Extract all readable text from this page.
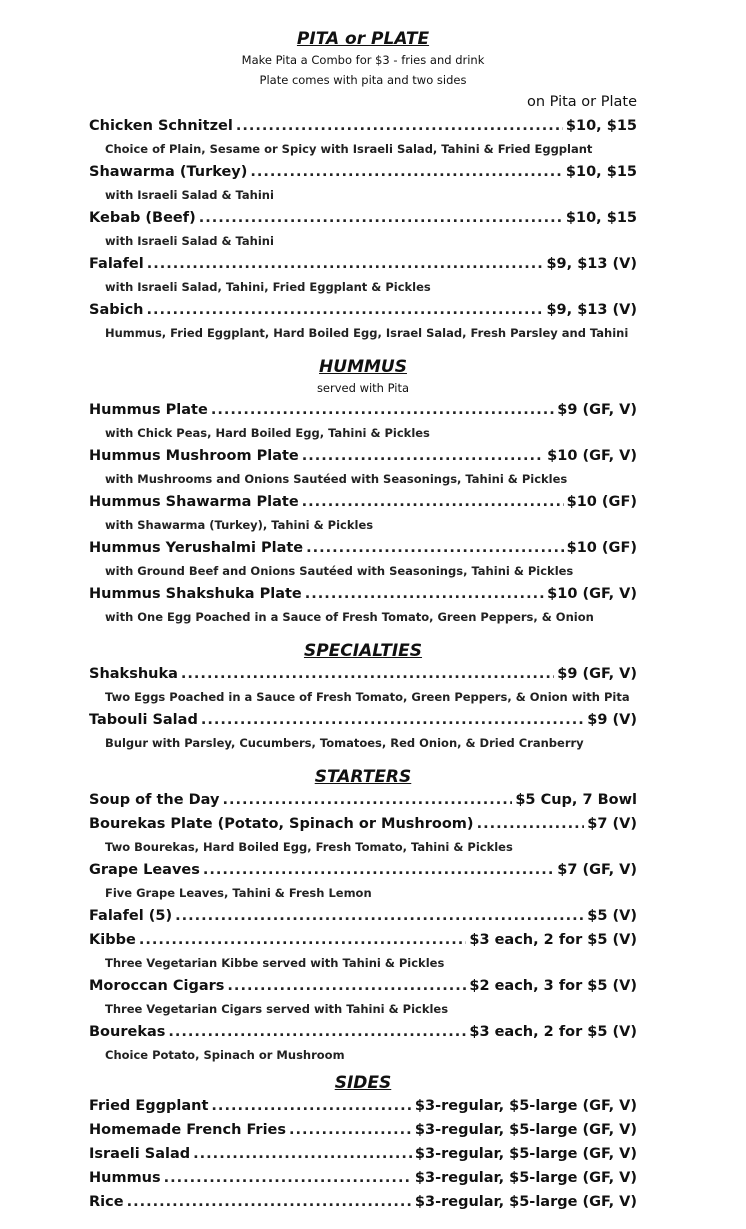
PITA or PLATE
Make Pita a Combo for $3 - fries and drink
Plate comes with pita and two sides
on Pita or Plate
Chicken Schnitzel .....	$10, $15
Choice of Plain, Sesame or Spicy with Israeli Salad, Tahini & Fried Eggplant
Shawarma (Turkey) .....	$10, $15
with Israeli Salad & Tahini
Kebab (Beef) .....	$10, $15
with Israeli Salad & Tahini
Falafel .....	$9, $13 (V)
with Israeli Salad, Tahini, Fried Eggplant & Pickles
Sabich .....	$9, $13 (V)
Hummus, Fried Eggplant, Hard Boiled Egg, Israel Salad, Fresh Parsley and Tahini
HUMMUS
served with Pita
Hummus Plate .....	$9 (GF, V)
with Chick Peas, Hard Boiled Egg, Tahini & Pickles
Hummus Mushroom Plate .....	$10 (GF, V)
with Mushrooms and Onions Sautéed with Seasonings, Tahini & Pickles
Hummus Shawarma Plate .....	$10 (GF)
with Shawarma (Turkey), Tahini & Pickles
Hummus Yerushalmi Plate .....	$10 (GF)
with Ground Beef and Onions Sautéed with Seasonings, Tahini & Pickles
Hummus Shakshuka Plate .....	$10 (GF, V)
with One Egg Poached in a Sauce of Fresh Tomato, Green Peppers, & Onion
SPECIALTIES
Shakshuka .....	$9 (GF, V)
Two Eggs Poached in a Sauce of Fresh Tomato, Green Peppers, & Onion with Pita
Tabouli Salad .....	$9 (V)
Bulgur with Parsley, Cucumbers, Tomatoes, Red Onion, & Dried Cranberry
STARTERS
Soup of the Day .....	$5 Cup, 7 Bowl
Bourekas Plate (Potato, Spinach or Mushroom) .....	$7 (V)
Two Bourekas, Hard Boiled Egg, Fresh Tomato, Tahini & Pickles
Grape Leaves .....	$7 (GF, V)
Five Grape Leaves, Tahini & Fresh Lemon
Falafel (5) .....	$5 (V)
Kibbe .....	$3 each, 2 for $5 (V)
Three Vegetarian Kibbe served with Tahini & Pickles
Moroccan Cigars .....	$2 each, 3 for $5 (V)
Three Vegetarian Cigars served with Tahini & Pickles
Bourekas .....	$3 each, 2 for $5 (V)
Choice Potato, Spinach or Mushroom
SIDES
Fried Eggplant .....	$3-regular, $5-large (GF, V)
Homemade French Fries .....	$3-regular, $5-large (GF, V)
Israeli Salad .....	$3-regular, $5-large (GF, V)
Hummus .....	$3-regular, $5-large (GF, V)
Rice .....	$3-regular, $5-large (GF, V)
